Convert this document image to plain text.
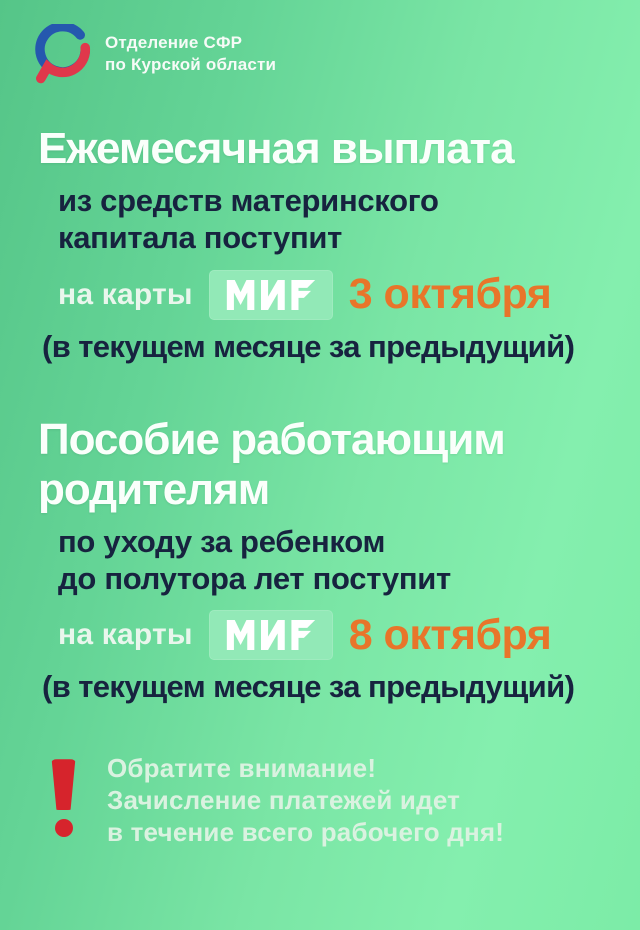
Отделение СФР
по Курской области
Ежемесячная выплата
из средств материнского
капитала поступит
на карты	3 октября
(в текущем месяце за предыдущий)
Пособие работающим
родителям
по уходу за ребенком
до полутора лет поступит
на карты	8 октября
(в текущем месяце за предыдущий)
Обратите внимание!
Зачисление платежей идет
в течение всего рабочего дня!
